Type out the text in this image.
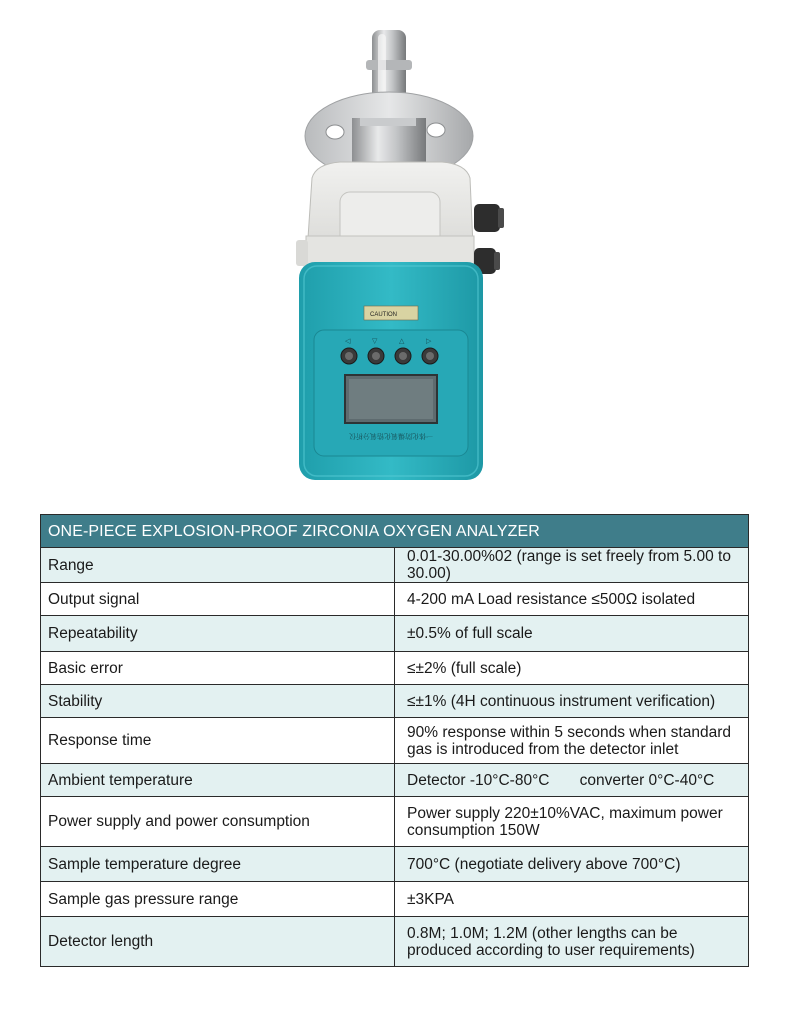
CAUTION
◁	▽	△	▷
一体化防爆氧化锆氧分析仪
ONE-PIECE EXPLOSION-PROOF ZIRCONIA OXYGEN ANALYZER	
Range	0.01-30.00%02 (range is set freely from 5.00 to 30.00)
Output signal	4-200 mA Load resistance ≤500Ω isolated
Repeatability	±0.5% of full scale
Basic error	≤±2% (full scale)
Stability	≤±1% (4H continuous instrument verification)
Response time	90% response within 5 seconds when standard gas is introduced from the detector inlet
Ambient temperature	Detector -10°C-80°C       converter 0°C-40°C
Power supply and power consumption	Power supply 220±10%VAC, maximum power consumption 150W
Sample temperature degree	700°C (negotiate delivery above 700°C)
Sample gas pressure range	±3KPA
Detector length	0.8M; 1.0M; 1.2M (other lengths can be produced according to user requirements)
